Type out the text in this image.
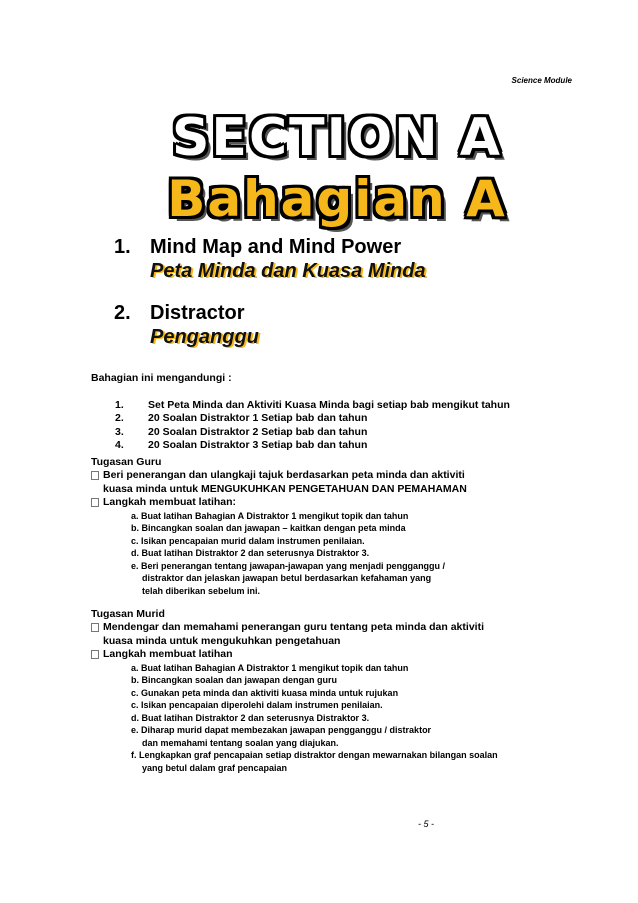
Science Module
SECTION A
Bahagian A
1. Mind Map and Mind Power
Peta Minda dan Kuasa Minda
2. Distractor
Penganggu
Bahagian ini mengandungi :
1.	Set Peta Minda dan Aktiviti Kuasa Minda bagi setiap bab mengikut tahun
2.	20 Soalan Distraktor 1 Setiap bab dan tahun
3.	20 Soalan Distraktor 2 Setiap bab dan tahun
4.	20 Soalan Distraktor 3 Setiap bab dan tahun
Tugasan Guru
Beri penerangan dan ulangkaji tajuk berdasarkan peta minda dan aktiviti
kuasa minda untuk MENGUKUHKAN PENGETAHUAN DAN PEMAHAMAN
Langkah membuat latihan:
a. Buat latihan Bahagian A Distraktor 1 mengikut topik dan tahun
b. Bincangkan soalan dan jawapan – kaitkan dengan peta minda
c. Isikan pencapaian murid dalam instrumen penilaian.
d. Buat latihan Distraktor 2 dan seterusnya Distraktor 3.
e. Beri penerangan tentang jawapan-jawapan yang menjadi pengganggu /
distraktor dan jelaskan jawapan betul berdasarkan kefahaman yang
telah diberikan sebelum ini.
Tugasan Murid
Mendengar dan memahami penerangan guru tentang peta minda dan aktiviti
kuasa minda untuk mengukuhkan pengetahuan
Langkah membuat latihan
a. Buat latihan Bahagian A Distraktor 1 mengikut topik dan tahun
b. Bincangkan soalan dan jawapan dengan guru
c. Gunakan peta minda dan aktiviti kuasa minda untuk rujukan
c. Isikan pencapaian diperolehi dalam instrumen penilaian.
d. Buat latihan Distraktor 2 dan seterusnya Distraktor 3.
e. Diharap murid dapat membezakan jawapan pengganggu / distraktor
dan memahami tentang soalan yang diajukan.
f. Lengkapkan graf pencapaian setiap distraktor dengan mewarnakan bilangan soalan
yang betul dalam graf pencapaian
- 5 -
